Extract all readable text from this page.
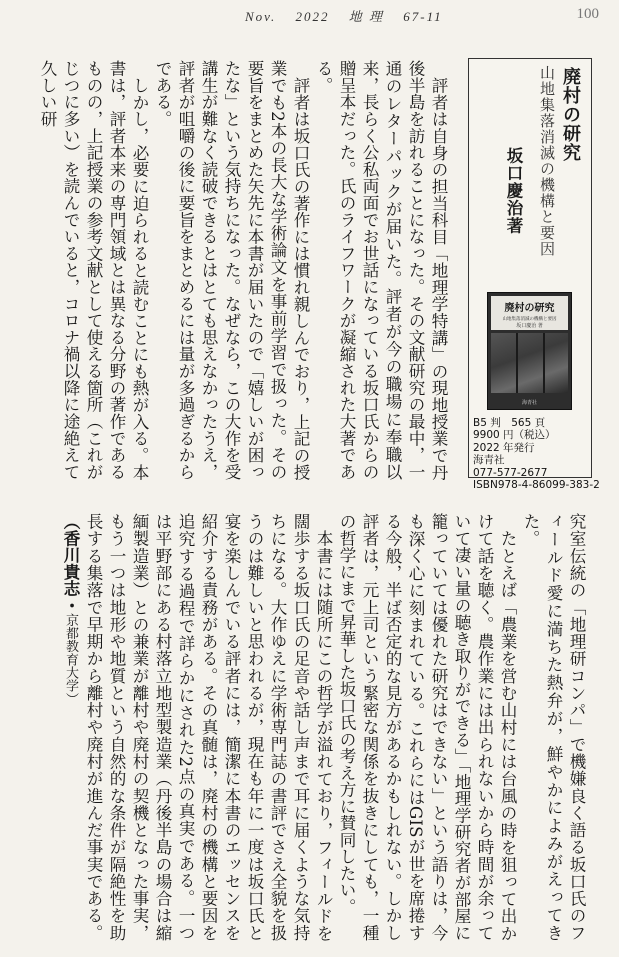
Nov. 2022 地 理 67-11	100

評者は自身の担当科目「地理学特講」の現地授業で丹後半島を訪れることになった。その文献研究の最中，一通のレターパックが届いた。評者が今の職場に奉職以来，長らく公私両面でお世話になっている坂口氏からの贈呈本だった。氏のライフワークが凝縮された大著である。

評者は坂口氏の著作には慣れ親しんでおり，上記の授業でも2本の長大な学術論文を事前学習で扱った。その要旨をまとめた矢先に本書が届いたので「嬉しいが困ったな」という気持ちになった。なぜなら，この大作を受講生が難なく読破できるとはとても思えなかったうえ，評者が咀嚼の後に要旨をまとめるには量が多過ぎるからである。

しかし，必要に迫られると読むことにも熱が入る。本書は，評者本来の専門領域とは異なる分野の著作であるものの，上記授業の参考文献として使える箇所（これがじつに多い）を読んでいると，コロナ禍以降に途絶えて久しい研	廃村の研究
山地集落消滅の機構と要因
坂口慶治著
廃村の研究
山地集落消滅の機構と要因
坂口慶治 著
海青社
B5 判　565 頁
9900 円（税込）
2022 年発行
海青社
077-577-2677
ISBN978-4-86099-383-2

究室伝統の「地理研コンパ」で機嫌良く語る坂口氏のフィールド愛に満ちた熱弁が，鮮やかによみがえってきた。

たとえば「農業を営む山村には台風の時を狙って出かけて話を聴く。農作業には出られないから時間が余っていて凄い量の聴き取りができる」「地理学研究者が部屋に籠っていては優れた研究はできない」という語りは，今も深く心に刻まれている。これらにはGISが世を席捲する今般，半ば否定的な見方があるかもしれない。しかし評者は，元上司という緊密な関係を抜きにしても，一種の哲学にまで昇華した坂口氏の考え方に賛同したい。

本書には随所にこの哲学が溢れており，フィールドを闊歩する坂口氏の足音や話し声まで耳に届くような気持ちになる。大作ゆえに学術専門誌の書評でさえ全貌を扱うのは難しいと思われるが，現在も年に一度は坂口氏と宴を楽しんでいる評者には，簡潔に本書のエッセンスを紹介する責務がある。その真髄は，廃村の機構と要因を追究する過程で詳らかにされた2点の真実である。一つは平野部にある村落立地型製造業（丹後半島の場合は縮緬製造業）との兼業が離村や廃村の契機となった事実，もう一つは地形や地質という自然的な条件が隔絶性を助長する集落で早期から離村や廃村が進んだ事実である。（香川貴志・京都教育大学）
